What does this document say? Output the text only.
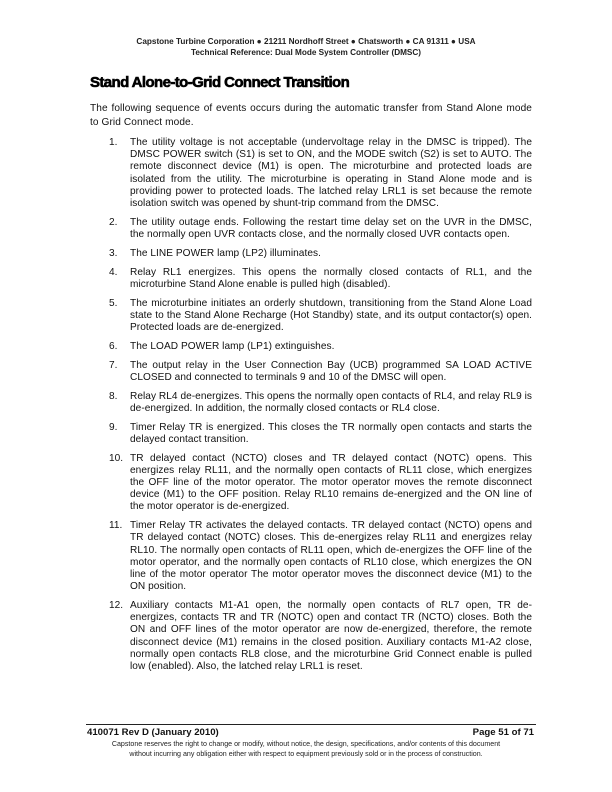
Capstone Turbine Corporation ● 21211 Nordhoff Street ● Chatsworth ● CA 91311 ● USA
Technical Reference: Dual Mode System Controller (DMSC)
Stand Alone-to-Grid Connect Transition
The following sequence of events occurs during the automatic transfer from Stand Alone mode to Grid Connect mode.
1.	The utility voltage is not acceptable (undervoltage relay in the DMSC is tripped). The DMSC POWER switch (S1) is set to ON, and the MODE switch (S2) is set to AUTO. The remote disconnect device (M1) is open. The microturbine and protected loads are isolated from the utility. The microturbine is operating in Stand Alone mode and is providing power to protected loads. The latched relay LRL1 is set because the remote isolation switch was opened by shunt-trip command from the DMSC.
2.	The utility outage ends. Following the restart time delay set on the UVR in the DMSC, the normally open UVR contacts close, and the normally closed UVR contacts open.
3.	The LINE POWER lamp (LP2) illuminates.
4.	Relay RL1 energizes. This opens the normally closed contacts of RL1, and the microturbine Stand Alone enable is pulled high (disabled).
5.	The microturbine initiates an orderly shutdown, transitioning from the Stand Alone Load state to the Stand Alone Recharge (Hot Standby) state, and its output contactor(s) open. Protected loads are de-energized.
6.	The LOAD POWER lamp (LP1) extinguishes.
7.	The output relay in the User Connection Bay (UCB) programmed SA LOAD ACTIVE CLOSED and connected to terminals 9 and 10 of the DMSC will open.
8.	Relay RL4 de-energizes. This opens the normally open contacts of RL4, and relay RL9 is de-energized. In addition, the normally closed contacts or RL4 close.
9.	Timer Relay TR is energized. This closes the TR normally open contacts and starts the delayed contact transition.
10. TR delayed contact (NCTO) closes and TR delayed contact (NOTC) opens. This energizes relay RL11, and the normally open contacts of RL11 close, which energizes the OFF line of the motor operator. The motor operator moves the remote disconnect device (M1) to the OFF position. Relay RL10 remains de-energized and the ON line of the motor operator is de-energized.
11. Timer Relay TR activates the delayed contacts. TR delayed contact (NCTO) opens and TR delayed contact (NOTC) closes. This de-energizes relay RL11 and energizes relay RL10. The normally open contacts of RL11 open, which de-energizes the OFF line of the motor operator, and the normally open contacts of RL10 close, which energizes the ON line of the motor operator The motor operator moves the disconnect device (M1) to the ON position.
12. Auxiliary contacts M1-A1 open, the normally open contacts of RL7 open, TR de-energizes, contacts TR and TR (NOTC) open and contact TR (NCTO) closes. Both the ON and OFF lines of the motor operator are now de-energized, therefore, the remote disconnect device (M1) remains in the closed position. Auxiliary contacts M1-A2 close, normally open contacts RL8 close, and the microturbine Grid Connect enable is pulled low (enabled). Also, the latched relay LRL1 is reset.
410071 Rev D (January 2010)	Page 51 of 71
Capstone reserves the right to change or modify, without notice, the design, specifications, and/or contents of this document
without incurring any obligation either with respect to equipment previously sold or in the process of construction.
